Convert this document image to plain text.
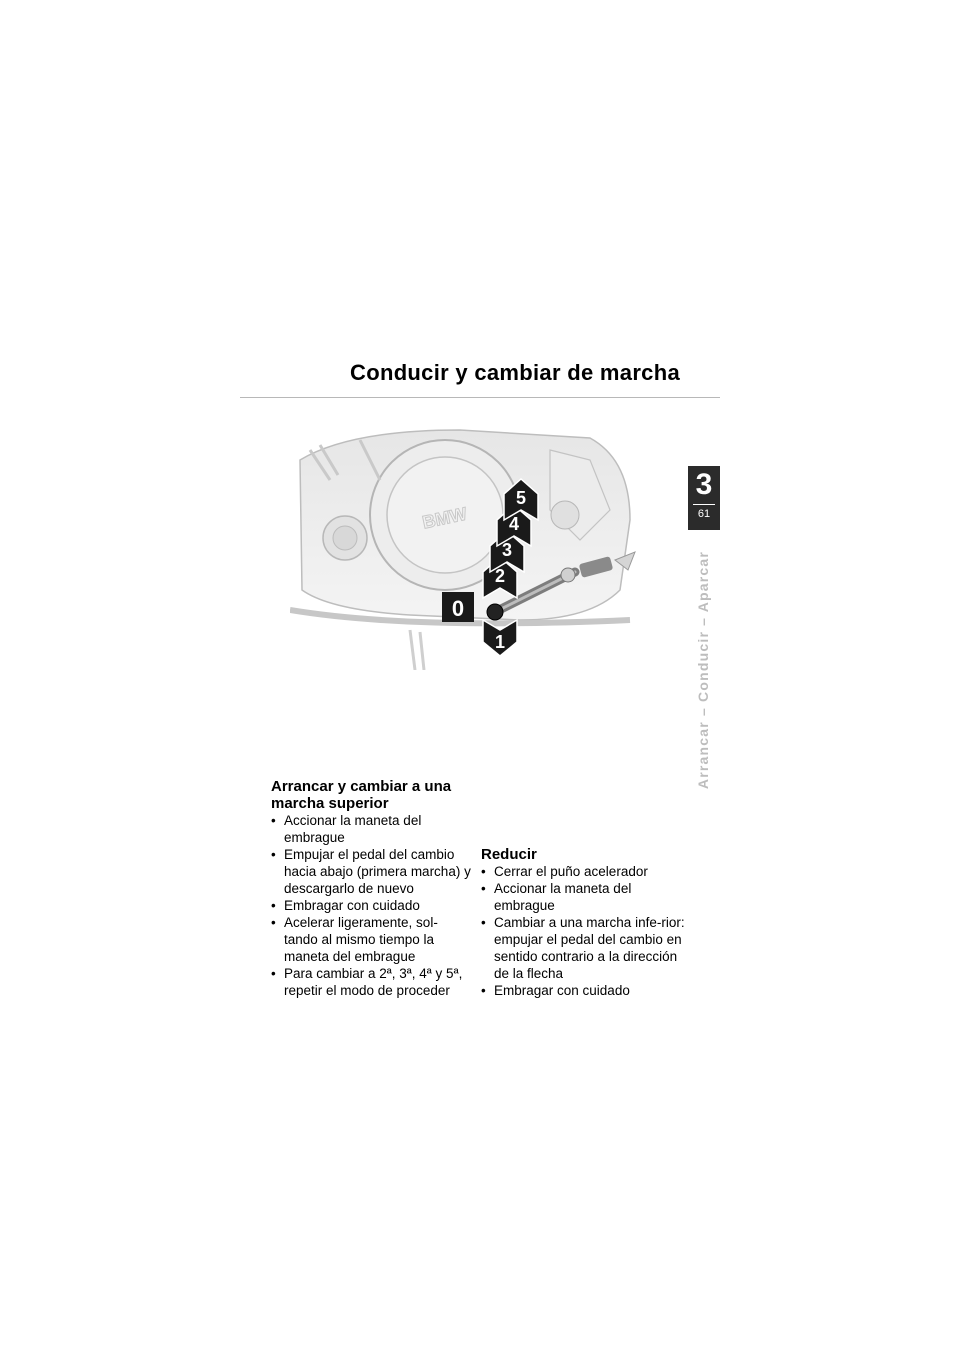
Conducir y cambiar de marcha
3
61
Arrancar – Conducir – Aparcar
BMW
0
1
2
3
4
5
Arrancar y cambiar a una marcha superior
• Accionar la maneta del embrague
• Empujar el pedal del cambio hacia abajo (primera marcha) y descargarlo de nuevo
• Embragar con cuidado
• Acelerar ligeramente, sol-tando al mismo tiempo la maneta del embrague
• Para cambiar a 2ª, 3ª, 4ª y 5ª, repetir el modo de proceder
Reducir
• Cerrar el puño acelerador
• Accionar la maneta del embrague
• Cambiar a una marcha infe-rior: empujar el pedal del cambio en sentido contrario a la dirección de la flecha
• Embragar con cuidado
